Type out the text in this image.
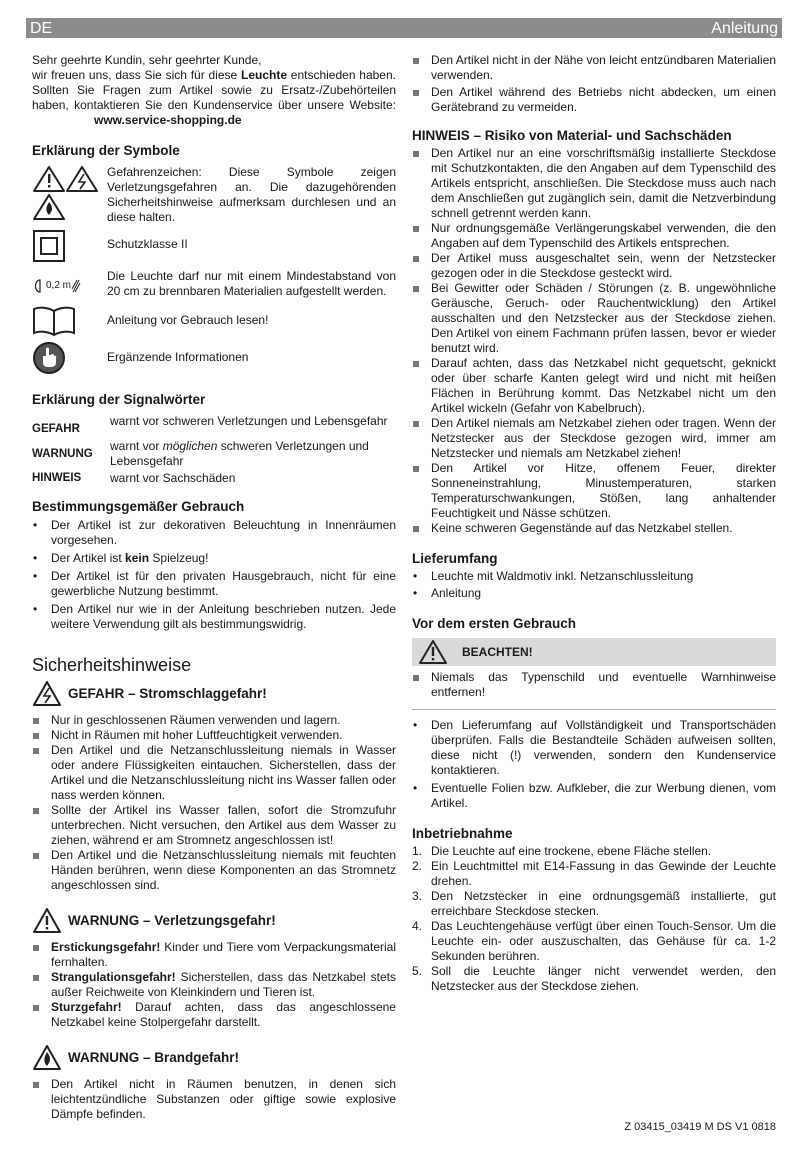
DE	Anleitung

Sehr geehrte Kundin, sehr geehrter Kunde,

wir freuen uns, dass Sie sich für diese Leuchte entschieden haben. Sollten Sie Fragen zum Artikel sowie zu Ersatz-/Zubehörteilen haben, kontaktieren Sie den Kundenservice über unsere Website:www.service-shopping.de

Erklärung der Symbole

Gefahrenzeichen: Diese Symbole zeigen Verletzungsgefahren an. Die dazugehörenden Sicherheitshinweise aufmerksam durchlesen und an diese halten.

Schutzklasse II

0,2 m

Die Leuchte darf nur mit einem Mindestabstand von 20 cm zu brennbaren Materialien aufgestellt werden.

Anleitung vor Gebrauch lesen!

Ergänzende Informationen

Erklärung der Signalwörter
GEFAHR
warnt vor schweren Verletzungen und Lebensgefahr
WARNUNG
warnt vor möglichen schweren Verletzungen und Lebensgefahr
HINWEIS	warnt vor Sachschäden
Bestimmungsgemäßer Gebrauch
• Der Artikel ist zur dekorativen Beleuchtung in Innenräumen vorgesehen.
• Der Artikel ist kein Spielzeug!
• Der Artikel ist für den privaten Hausgebrauch, nicht für eine gewerbliche Nutzung bestimmt.
• Den Artikel nur wie in der Anleitung beschrieben nutzen. Jede weitere Verwendung gilt als bestimmungswidrig.
Sicherheitshinweise
GEFAHR – Stromschlaggefahr!
Nur in geschlossenen Räumen verwenden und lagern.
Nicht in Räumen mit hoher Luftfeuchtigkeit verwenden.
Den Artikel und die Netzanschlussleitung niemals in Wasser oder andere Flüssigkeiten eintauchen. Sicherstellen, dass der Artikel und die Netzanschlussleitung nicht ins Wasser fallen oder nass werden können.
Sollte der Artikel ins Wasser fallen, sofort die Stromzufuhr unterbrechen. Nicht versuchen, den Artikel aus dem Wasser zu ziehen, während er am Stromnetz angeschlossen ist!
Den Artikel und die Netzanschlussleitung niemals mit feuchten Händen berühren, wenn diese Komponenten an das Stromnetz angeschlossen sind.
WARNUNG – Verletzungsgefahr!
Erstickungsgefahr! Kinder und Tiere vom Verpackungsmaterial fernhalten.
Strangulationsgefahr! Sicherstellen, dass das Netzkabel stets außer Reichweite von Kleinkindern und Tieren ist.
Sturzgefahr! Darauf achten, dass das angeschlossene Netzkabel keine Stolpergefahr darstellt.
WARNUNG – Brandgefahr!
Den Artikel nicht in Räumen benutzen, in denen sich leichtentzündliche Substanzen oder giftige sowie explosive Dämpfe befinden.
Den Artikel nicht in der Nähe von leicht entzündbaren Materialien verwenden.
Den Artikel während des Betriebs nicht abdecken, um einen Gerätebrand zu vermeiden.
HINWEIS – Risiko von Material- und Sachschäden
Den Artikel nur an eine vorschriftsmäßig installierte Steckdose mit Schutzkontakten, die den Angaben auf dem Typenschild des Artikels entspricht, anschließen. Die Steckdose muss auch nach dem Anschließen gut zugänglich sein, damit die Netzverbindung schnell getrennt werden kann.
Nur ordnungsgemäße Verlängerungskabel verwenden, die den Angaben auf dem Typenschild des Artikels entsprechen.
Der Artikel muss ausgeschaltet sein, wenn der Netzstecker gezogen oder in die Steckdose gesteckt wird.
Bei Gewitter oder Schäden / Störungen (z. B. ungewöhnliche Geräusche, Geruch- oder Rauchentwicklung) den Artikel ausschalten und den Netzstecker aus der Steckdose ziehen. Den Artikel von einem Fachmann prüfen lassen, bevor er wieder benutzt wird.
Darauf achten, dass das Netzkabel nicht gequetscht, geknickt oder über scharfe Kanten gelegt wird und nicht mit heißen Flächen in Berührung kommt. Das Netzkabel nicht um den Artikel wickeln (Gefahr von Kabelbruch).
Den Artikel niemals am Netzkabel ziehen oder tragen. Wenn der Netzstecker aus der Steckdose gezogen wird, immer am Netzstecker und niemals am Netzkabel ziehen!
Den Artikel vor Hitze, offenem Feuer, direkter Sonneneinstrahlung, Minustemperaturen, starken Temperaturschwankungen, Stößen, lang anhaltender Feuchtigkeit und Nässe schützen.
Keine schweren Gegenstände auf das Netzkabel stellen.
Lieferumfang
• Leuchte mit Waldmotiv inkl. Netzanschlussleitung
• Anleitung
Vor dem ersten Gebrauch
BEACHTEN!
Niemals das Typenschild und eventuelle Warnhinweise entfernen!
• Den Lieferumfang auf Vollständigkeit und Transportschäden überprüfen. Falls die Bestandteile Schäden aufweisen sollten, diese nicht (!) verwenden, sondern den Kundenservice kontaktieren.
• Eventuelle Folien bzw. Aufkleber, die zur Werbung dienen, vom Artikel.
Inbetriebnahme
1. Die Leuchte auf eine trockene, ebene Fläche stellen.
2. Ein Leuchtmittel mit E14-Fassung in das Gewinde der Leuchte drehen.
3. Den Netzstecker in eine ordnungsgemäß installierte, gut erreichbare Steckdose stecken.
4. Das Leuchtengehäuse verfügt über einen Touch-Sensor. Um die Leuchte ein- oder auszuschalten, das Gehäuse für ca. 1-2 Sekunden berühren.
5. Soll die Leuchte länger nicht verwendet werden, den Netzstecker aus der Steckdose ziehen.
Z 03415_03419 M DS V1 0818
